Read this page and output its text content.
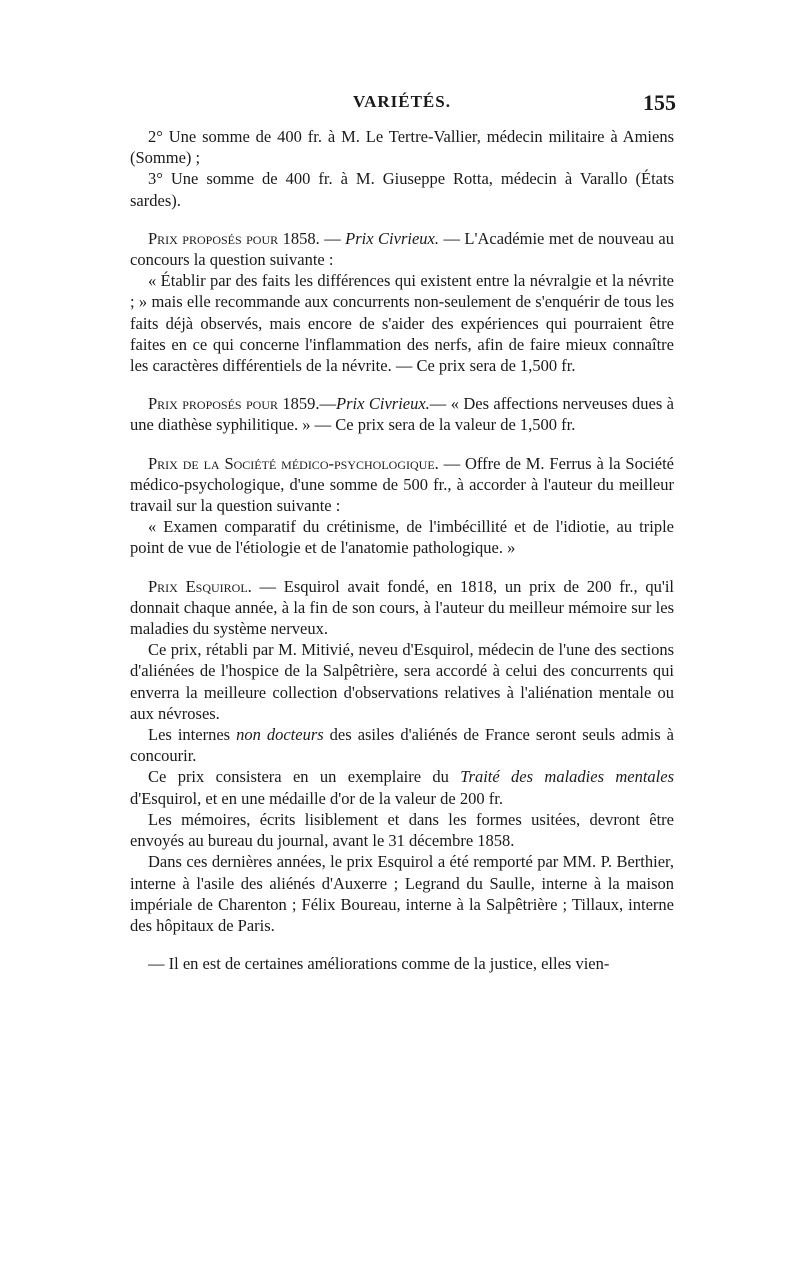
VARIÉTÉS.	155

2° Une somme de 400 fr. à M. Le Tertre-Vallier, médecin militaire à Amiens (Somme) ;

3° Une somme de 400 fr. à M. Giuseppe Rotta, médecin à Varallo (États sardes).

Prix proposés pour 1858. — Prix Civrieux. — L'Académie met de nouveau au concours la question suivante :

« Établir par des faits les différences qui existent entre la névralgie et la névrite ; » mais elle recommande aux concurrents non-seulement de s'enquérir de tous les faits déjà observés, mais encore de s'aider des expériences qui pourraient être faites en ce qui concerne l'inflammation des nerfs, afin de faire mieux connaître les caractères différentiels de la névrite. — Ce prix sera de 1,500 fr.

Prix proposés pour 1859.—Prix Civrieux.— « Des affections nerveuses dues à une diathèse syphilitique. » — Ce prix sera de la valeur de 1,500 fr.

Prix de la Société médico-psychologique. — Offre de M. Ferrus à la Société médico-psychologique, d'une somme de 500 fr., à accorder à l'auteur du meilleur travail sur la question suivante :

« Examen comparatif du crétinisme, de l'imbécillité et de l'idiotie, au triple point de vue de l'étiologie et de l'anatomie pathologique. »

Prix Esquirol. — Esquirol avait fondé, en 1818, un prix de 200 fr., qu'il donnait chaque année, à la fin de son cours, à l'auteur du meilleur mémoire sur les maladies du système nerveux.

Ce prix, rétabli par M. Mitivié, neveu d'Esquirol, médecin de l'une des sections d'aliénées de l'hospice de la Salpêtrière, sera accordé à celui des concurrents qui enverra la meilleure collection d'observations relatives à l'aliénation mentale ou aux névroses.

Les internes non docteurs des asiles d'aliénés de France seront seuls admis à concourir.

Ce prix consistera en un exemplaire du Traité des maladies mentales d'Esquirol, et en une médaille d'or de la valeur de 200 fr.

Les mémoires, écrits lisiblement et dans les formes usitées, devront être envoyés au bureau du journal, avant le 31 décembre 1858.

Dans ces dernières années, le prix Esquirol a été remporté par MM. P. Berthier, interne à l'asile des aliénés d'Auxerre ; Legrand du Saulle, interne à la maison impériale de Charenton ; Félix Boureau, interne à la Salpêtrière ; Tillaux, interne des hôpitaux de Paris.

— Il en est de certaines améliorations comme de la justice, elles vien-
